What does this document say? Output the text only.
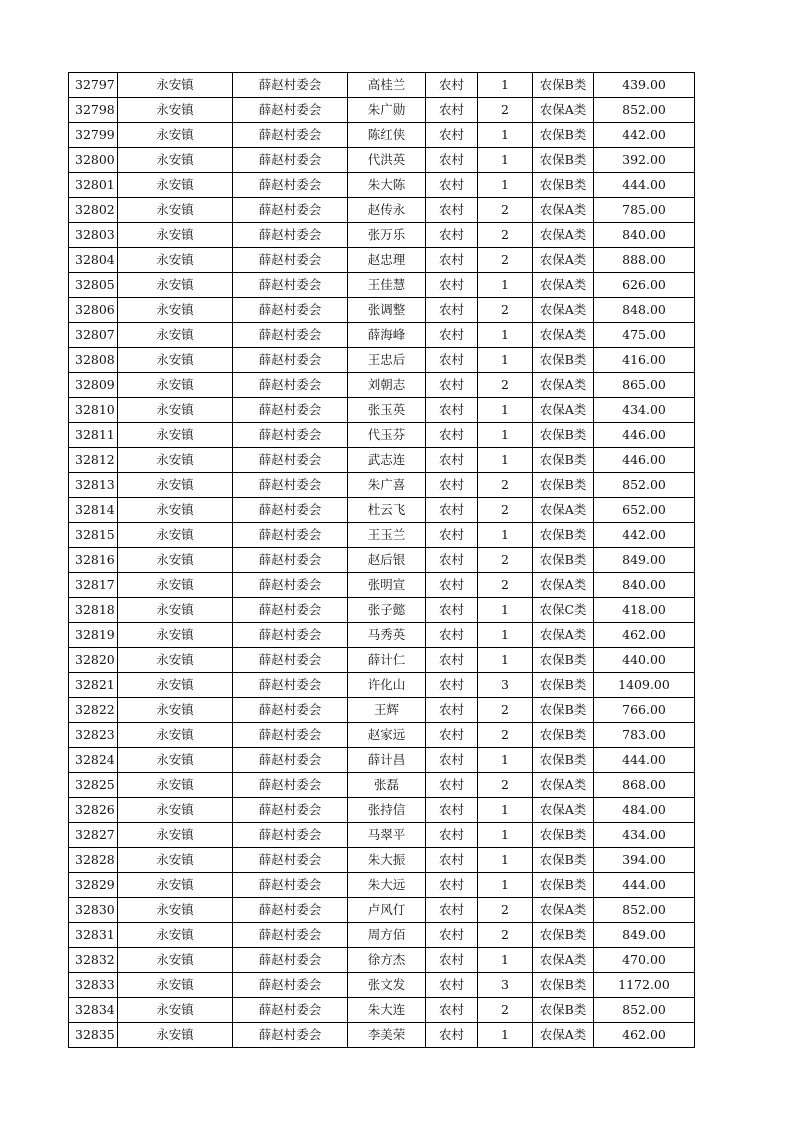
32797	永安镇	薛赵村委会	高桂兰	农村	1	农保B类	439.00
32798	永安镇	薛赵村委会	朱广勋	农村	2	农保A类	852.00
32799	永安镇	薛赵村委会	陈红侠	农村	1	农保B类	442.00
32800	永安镇	薛赵村委会	代洪英	农村	1	农保B类	392.00
32801	永安镇	薛赵村委会	朱大陈	农村	1	农保B类	444.00
32802	永安镇	薛赵村委会	赵传永	农村	2	农保A类	785.00
32803	永安镇	薛赵村委会	张万乐	农村	2	农保A类	840.00
32804	永安镇	薛赵村委会	赵忠理	农村	2	农保A类	888.00
32805	永安镇	薛赵村委会	王佳慧	农村	1	农保A类	626.00
32806	永安镇	薛赵村委会	张调整	农村	2	农保A类	848.00
32807	永安镇	薛赵村委会	薛海峰	农村	1	农保A类	475.00
32808	永安镇	薛赵村委会	王忠后	农村	1	农保B类	416.00
32809	永安镇	薛赵村委会	刘朝志	农村	2	农保A类	865.00
32810	永安镇	薛赵村委会	张玉英	农村	1	农保A类	434.00
32811	永安镇	薛赵村委会	代玉芬	农村	1	农保B类	446.00
32812	永安镇	薛赵村委会	武志连	农村	1	农保B类	446.00
32813	永安镇	薛赵村委会	朱广喜	农村	2	农保B类	852.00
32814	永安镇	薛赵村委会	杜云飞	农村	2	农保A类	652.00
32815	永安镇	薛赵村委会	王玉兰	农村	1	农保B类	442.00
32816	永安镇	薛赵村委会	赵后银	农村	2	农保B类	849.00
32817	永安镇	薛赵村委会	张明宣	农村	2	农保A类	840.00
32818	永安镇	薛赵村委会	张子懿	农村	1	农保C类	418.00
32819	永安镇	薛赵村委会	马秀英	农村	1	农保A类	462.00
32820	永安镇	薛赵村委会	薛计仁	农村	1	农保B类	440.00
32821	永安镇	薛赵村委会	许化山	农村	3	农保B类	1409.00
32822	永安镇	薛赵村委会	王辉	农村	2	农保B类	766.00
32823	永安镇	薛赵村委会	赵家远	农村	2	农保B类	783.00
32824	永安镇	薛赵村委会	薛计昌	农村	1	农保B类	444.00
32825	永安镇	薛赵村委会	张磊	农村	2	农保A类	868.00
32826	永安镇	薛赵村委会	张持信	农村	1	农保A类	484.00
32827	永安镇	薛赵村委会	马翠平	农村	1	农保B类	434.00
32828	永安镇	薛赵村委会	朱大振	农村	1	农保B类	394.00
32829	永安镇	薛赵村委会	朱大远	农村	1	农保B类	444.00
32830	永安镇	薛赵村委会	卢风仃	农村	2	农保A类	852.00
32831	永安镇	薛赵村委会	周方佰	农村	2	农保B类	849.00
32832	永安镇	薛赵村委会	徐方杰	农村	1	农保A类	470.00
32833	永安镇	薛赵村委会	张文发	农村	3	农保B类	1172.00
32834	永安镇	薛赵村委会	朱大连	农村	2	农保B类	852.00
32835	永安镇	薛赵村委会	李美荣	农村	1	农保A类	462.00
